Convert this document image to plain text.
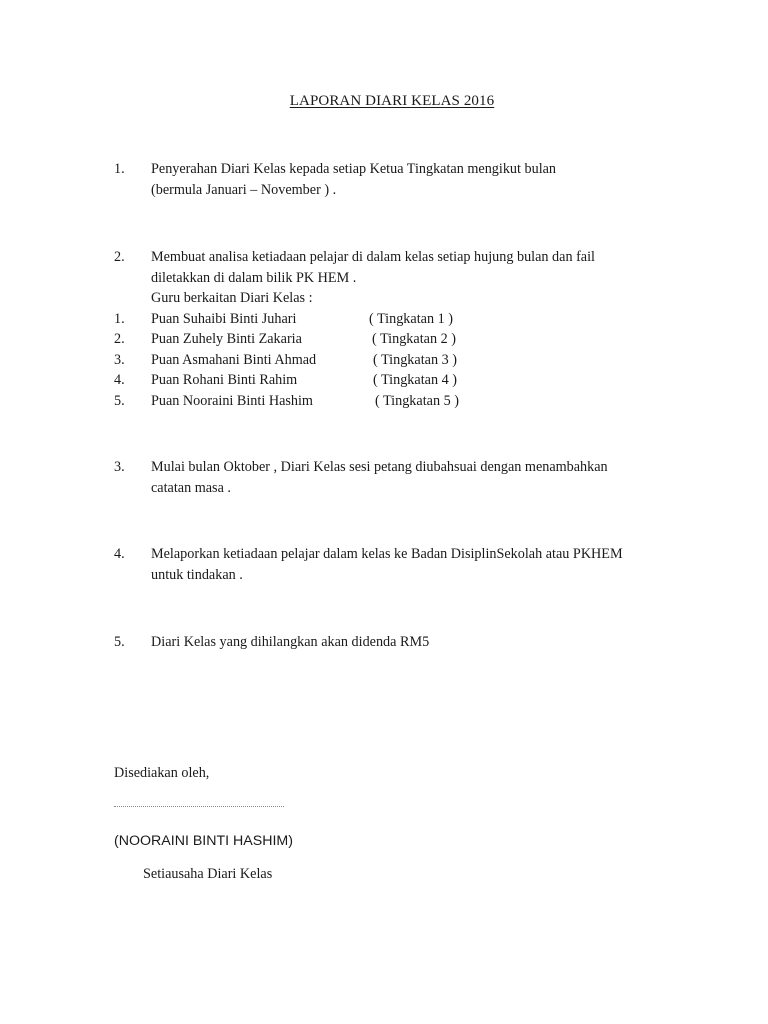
LAPORAN DIARI KELAS 2016
1. Penyerahan Diari Kelas kepada setiap Ketua Tingkatan mengikut bulan
(bermula Januari – November ) .
2. Membuat analisa ketiadaan pelajar di dalam kelas setiap hujung bulan dan fail
diletakkan di dalam bilik PK HEM .
Guru berkaitan Diari Kelas :
1. Puan Suhaibi Binti Juhari	( Tingkatan 1 )
2. Puan Zuhely Binti Zakaria	( Tingkatan 2 )
3. Puan Asmahani Binti Ahmad	( Tingkatan 3 )
4. Puan Rohani Binti Rahim	( Tingkatan 4 )
5. Puan Nooraini Binti Hashim	( Tingkatan 5 )
3. Mulai bulan Oktober , Diari Kelas sesi petang diubahsuai dengan menambahkan
catatan masa .
4. Melaporkan ketiadaan pelajar dalam kelas ke Badan DisiplinSekolah atau PKHEM
untuk tindakan .
5. Diari Kelas yang dihilangkan akan didenda RM5
Disediakan oleh,
(NOORAINI BINTI HASHIM)
Setiausaha Diari Kelas
